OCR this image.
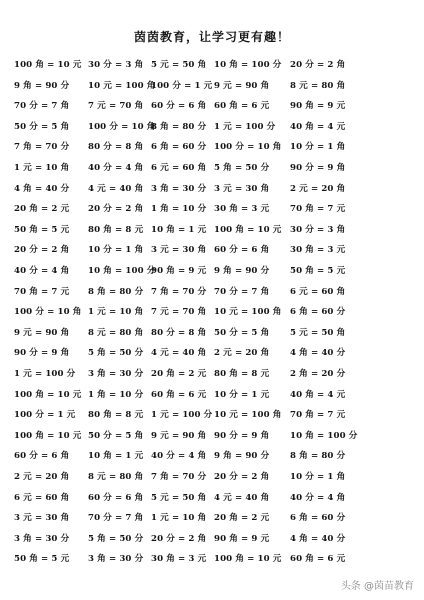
茵茵教育，让学习更有趣！
100 角 = 10 元 30 分 = 3 角 5 元 = 50 角 10 角 = 100 分 20 分 = 2 角
9 角 = 90 分 10 元 = 100 角
100 分 = 1 元 9 元 = 90 角 8 元 = 80 角
70 分 = 7 角 7 元 = 70 角 60 分 = 6 角 60 角 = 6 元 90 角 = 9 元
50 分 = 5 角 100 分 = 10 角
8 角 = 80 分 1 元 = 100 分 40 角 = 4 元
7 角 = 70 分 80 分 = 8 角 6 角 = 60 分 100 分 = 10 角 10 分 = 1 角
1 元 = 10 角 40 分 = 4 角 6 元 = 60 角 5 角 = 50 分 90 分 = 9 角
4 角 = 40 分 4 元 = 40 角 3 角 = 30 分 3 元 = 30 角 2 元 = 20 角
20 角 = 2 元 20 分 = 2 角 1 角 = 10 分 30 角 = 3 元 70 角 = 7 元
50 角 = 5 元 80 角 = 8 元 10 角 = 1 元 100 角 = 10 元 30 分 = 3 角
20 分 = 2 角 10 分 = 1 角 3 元 = 30 角 60 分 = 6 角 30 角 = 3 元
40 分 = 4 角 10 角 = 100 分
90 角 = 9 元 9 角 = 90 分 50 角 = 5 元
70 角 = 7 元 8 角 = 80 分 7 角 = 70 分 70 分 = 7 角 6 元 = 60 角
100 分 = 10 角 1 元 = 10 角 7 元 = 70 角 10 元 = 100 角 6 角 = 60 分
9 元 = 90 角 8 元 = 80 角 80 分 = 8 角 50 分 = 5 角 5 元 = 50 角
90 分 = 9 角 5 角 = 50 分 4 元 = 40 角 2 元 = 20 角 4 角 = 40 分
1 元 = 100 分 3 角 = 30 分 20 角 = 2 元 80 角 = 8 元 2 角 = 20 分
100 角 = 10 元 1 角 = 10 分 60 角 = 6 元 10 分 = 1 元 40 角 = 4 元
100 分 = 1 元 80 角 = 8 元 1 元 = 100 分 10 元 = 100 角 70 角 = 7 元
100 角 = 10 元 50 分 = 5 角 9 元 = 90 角 90 分 = 9 角 10 角 = 100 分
60 分 = 6 角 10 角 = 1 元 40 分 = 4 角 9 角 = 90 分 8 角 = 80 分
2 元 = 20 角 8 元 = 80 角 7 角 = 70 分 20 分 = 2 角 10 分 = 1 角
6 元 = 60 角 60 分 = 6 角 5 元 = 50 角 4 元 = 40 角 40 分 = 4 角
3 元 = 30 角 70 分 = 7 角 1 元 = 10 角 20 角 = 2 元 6 角 = 60 分
3 角 = 30 分 5 角 = 50 分 20 分 = 2 角 90 角 = 9 元 4 角 = 40 分
50 角 = 5 元 3 角 = 30 分 30 角 = 3 元 100 角 = 10 元 60 角 = 6 元
头条 @茵苗教育
